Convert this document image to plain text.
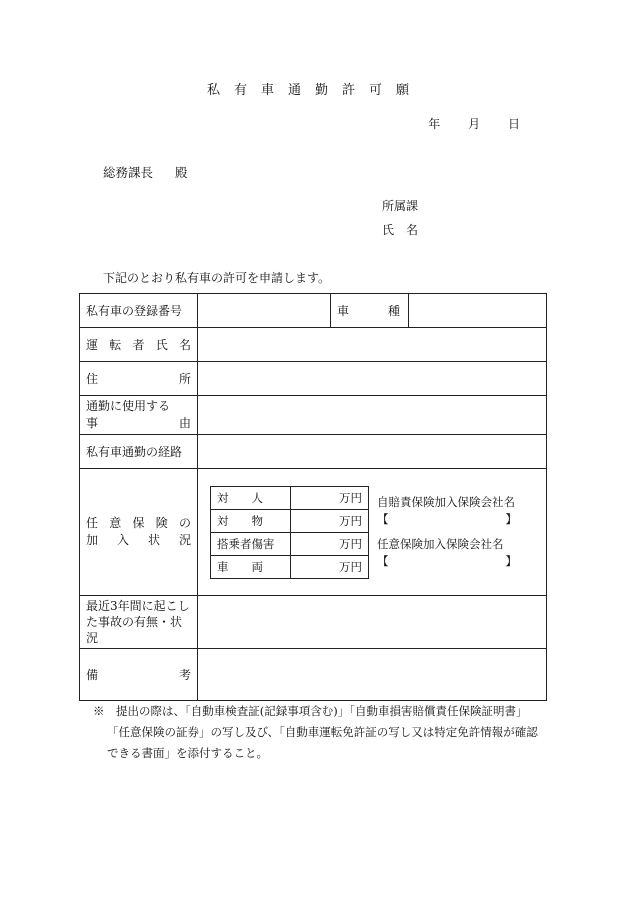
私有車通勤許可願
年 月 日
総務課長 殿
所属課
氏　名
下記のとおり私有車の許可を申請します。
私有車の登録番号		車	種

運 転 者 氏 名

住	所

通勤に使用する
事	由

私有車通勤の経路	

任 意 保 険 の
加 入 状 況

対　　人	万円
対　　物	万円
搭乗者傷害	万円
車　　両	万円
自賠責保険加入保険会社名
【	】
任意保険加入保険会社名
【	】

最近3年間に起こし
た事故の有無・状
況

備	考

※　提出の際は、「自動車検査証(記録事項含む)」「自動車損害賠償責任保険証明書」
「任意保険の証券」の写し及び、「自動車運転免許証の写し又は特定免許情報が確認
できる書面」を添付すること。
